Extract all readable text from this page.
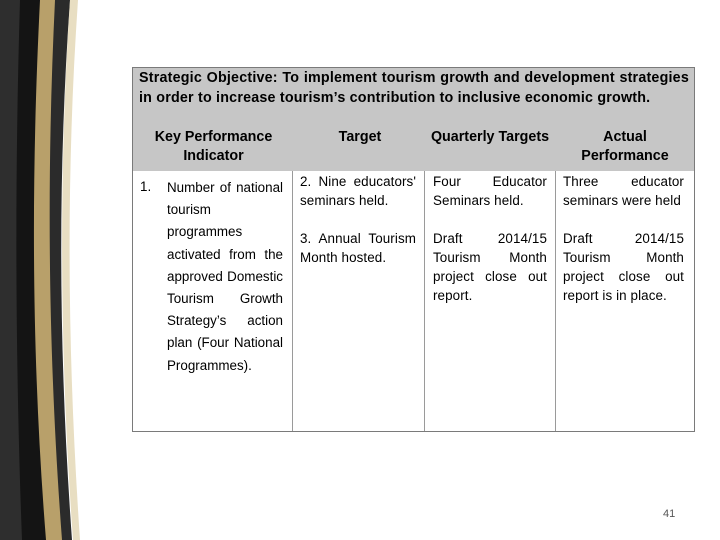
Strategic Objective: To implement tourism growth and development strategies in order to increase tourism’s contribution to inclusive economic growth.
Key Performance Indicator
Target	Quarterly Targets	Actual Performance
1. Number of national tourism programmes activated from the approved Domestic Tourism Growth Strategy’s action plan (Four National Programmes).
2. Nine educators' seminars held.
3. Annual Tourism Month hosted.
Four Educator Seminars held.
Draft 2014/15 Tourism Month project close out report.
Three educator seminars were held
Draft 2014/15 Tourism Month project close out report is in place.
41
